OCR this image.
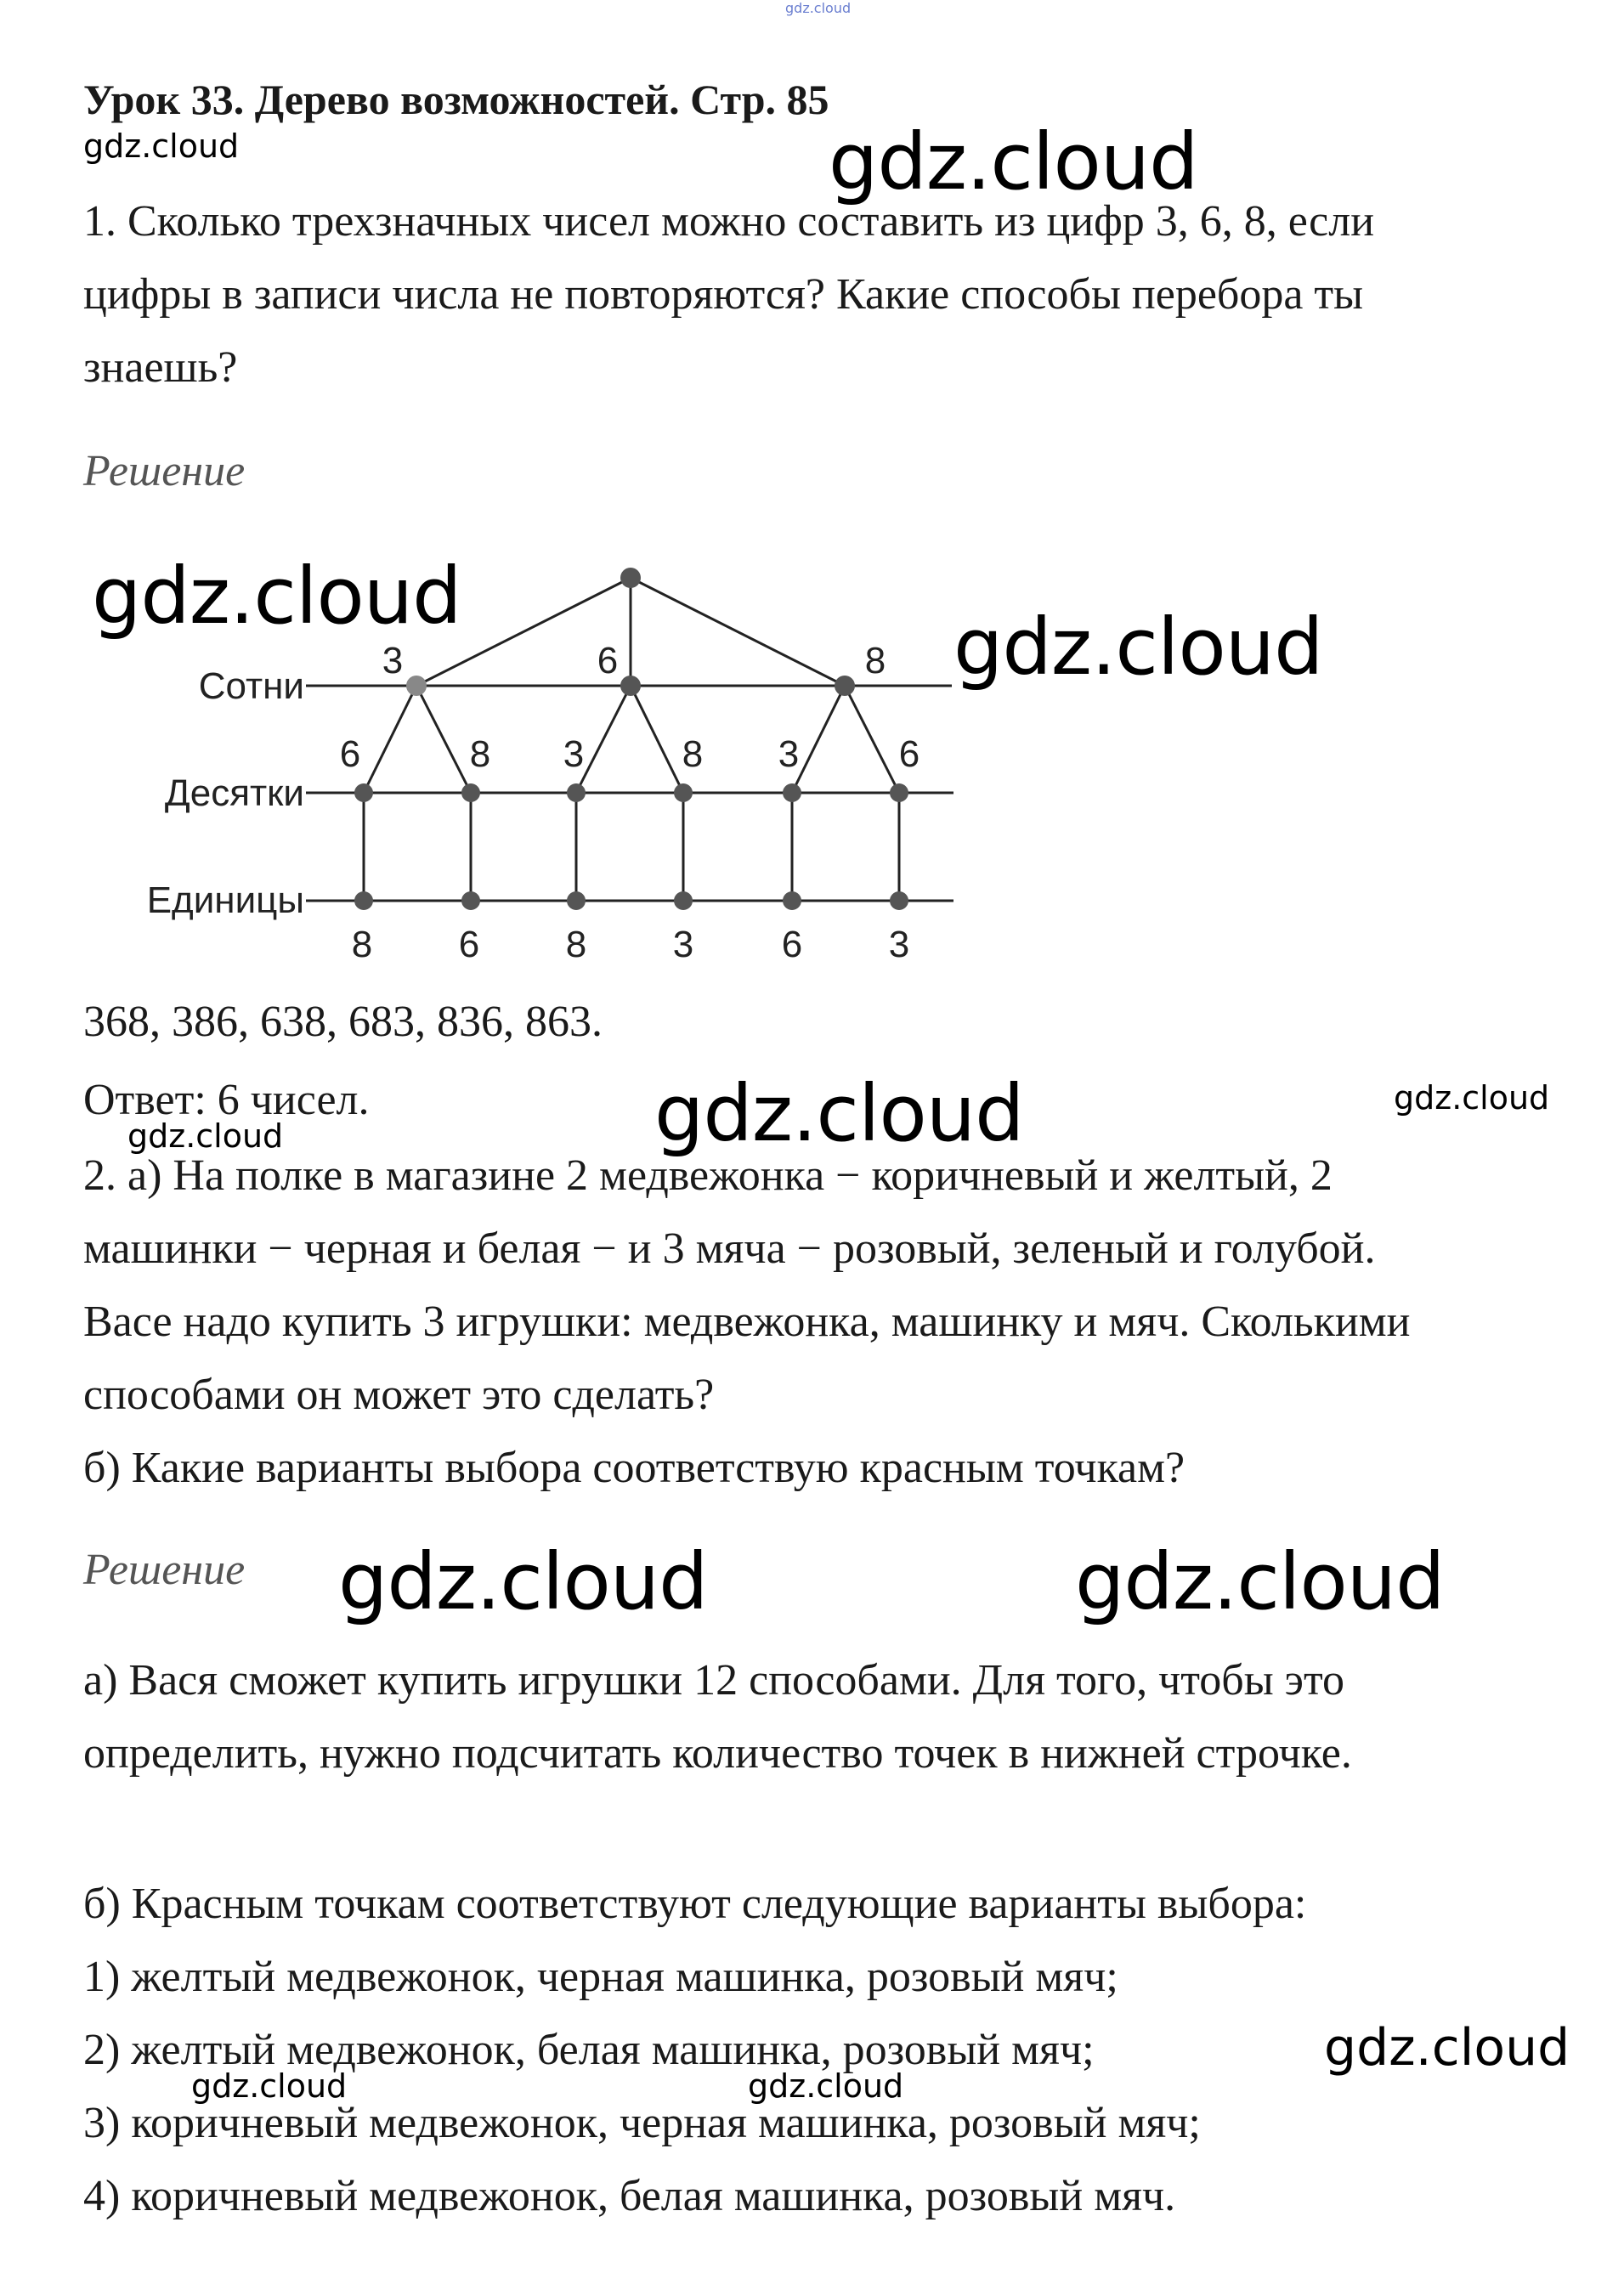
gdz.cloud
Урок 33. Дерево возможностей. Стр. 85
gdz.cloud	gdz.cloud
1. Сколько трехзначных чисел можно составить из цифр 3, 6, 8, если
цифры в записи числа не повторяются? Какие способы перебора ты
знаешь?
Решение
Сотни
Десятки
Единицы
3	6	8
6	8 3	8 3	6
8 6 8 3 6 3
gdz.cloud
gdz.cloud
368, 386, 638, 683, 836, 863.
Ответ: 6 чисел.
gdz.cloud	gdz.cloud	gdz.cloud
2. а) На полке в магазине 2 медвежонка − коричневый и желтый, 2
машинки − черная и белая − и 3 мяча − розовый, зеленый и голубой.
Васе надо купить 3 игрушки: медвежонка, машинку и мяч. Сколькими
способами он может это сделать?
б) Какие варианты выбора соответствую красным точкам?
Решение gdz.cloud	gdz.cloud
а) Вася сможет купить игрушки 12 способами. Для того, чтобы это
определить, нужно подсчитать количество точек в нижней строчке.
б) Красным точкам соответствуют следующие варианты выбора:
1) желтый медвежонок, черная машинка, розовый мяч;
2) желтый медвежонок, белая машинка, розовый мяч;
3) коричневый медвежонок, черная машинка, розовый мяч;
4) коричневый медвежонок, белая машинка, розовый мяч.
gdz.cloud	gdz.cloud
gdz.cloud
